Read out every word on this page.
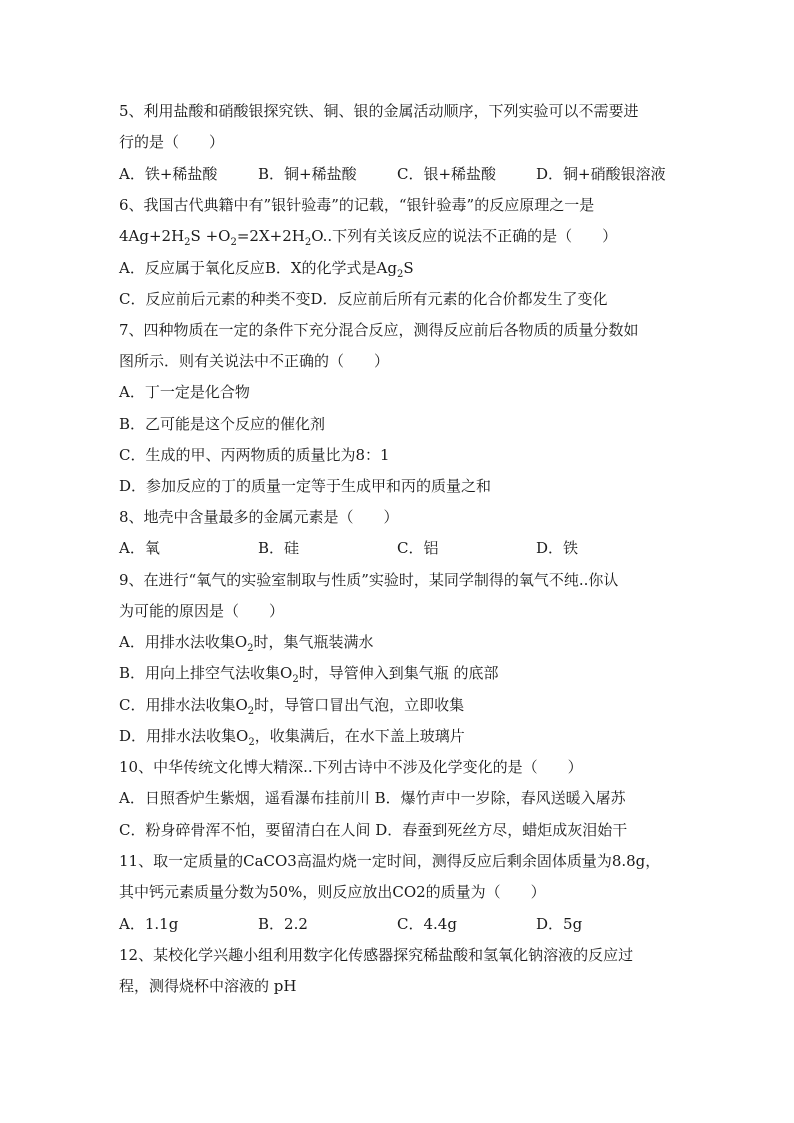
5、利用盐酸和硝酸银探究铁、铜、银的金属活动顺序，下列实验可以不需要进
行的是（　　）
A．铁+稀盐酸	B．铜+稀盐酸	C．银+稀盐酸	D．铜+硝酸银溶液
6、我国古代典籍中有”银针验毒”的记载，“银针验毒”的反应原理之一是
$4Ag+2H_2S +O_2=2X+2H_2O$..下列有关该反应的说法不正确的是（　　）
A．反应属于氧化反应B．X的化学式是$Ag_2S$
C．反应前后元素的种类不变D．反应前后所有元素的化合价都发生了变化
7、四种物质在一定的条件下充分混合反应，测得反应前后各物质的质量分数如
图所示．则有关说法中不正确的（　　）
A．丁一定是化合物
B．乙可能是这个反应的催化剂
C．生成的甲、丙两物质的质量比为8：1
D．参加反应的丁的质量一定等于生成甲和丙的质量之和
8、地壳中含量最多的金属元素是（　　）
A．氧	B．硅	C．铝	D．铁
9、在进行“氧气的实验室制取与性质”实验时，某同学制得的氧气不纯..你认
为可能的原因是（　　）
A．用排水法收集$O_2$时，集气瓶装满水
B．用向上排空气法收集$O_2$时，导管伸入到集气瓶 的底部
C．用排水法收集$O_2$时，导管口冒出气泡，立即收集
D．用排水法收集$O_2$，收集满后，在水下盖上玻璃片
10、中华传统文化博大精深..下列古诗中不涉及化学变化的是（　　）
A．日照香炉生紫烟，遥看瀑布挂前川 B．爆竹声中一岁除，春风送暖入屠苏
C．粉身碎骨浑不怕，要留清白在人间 D．春蚕到死丝方尽，蜡炬成灰泪始干
11、取一定质量的CaCO3高温灼烧一定时间，测得反应后剩余固体质量为8.8g，
其中钙元素质量分数为50%，则反应放出CO2的质量为（　　）
A．1.1g	B．2.2	C．4.4g	D．5g
12、某校化学兴趣小组利用数字化传感器探究稀盐酸和氢氧化钠溶液的反应过
程，测得烧杯中溶液的 pH
